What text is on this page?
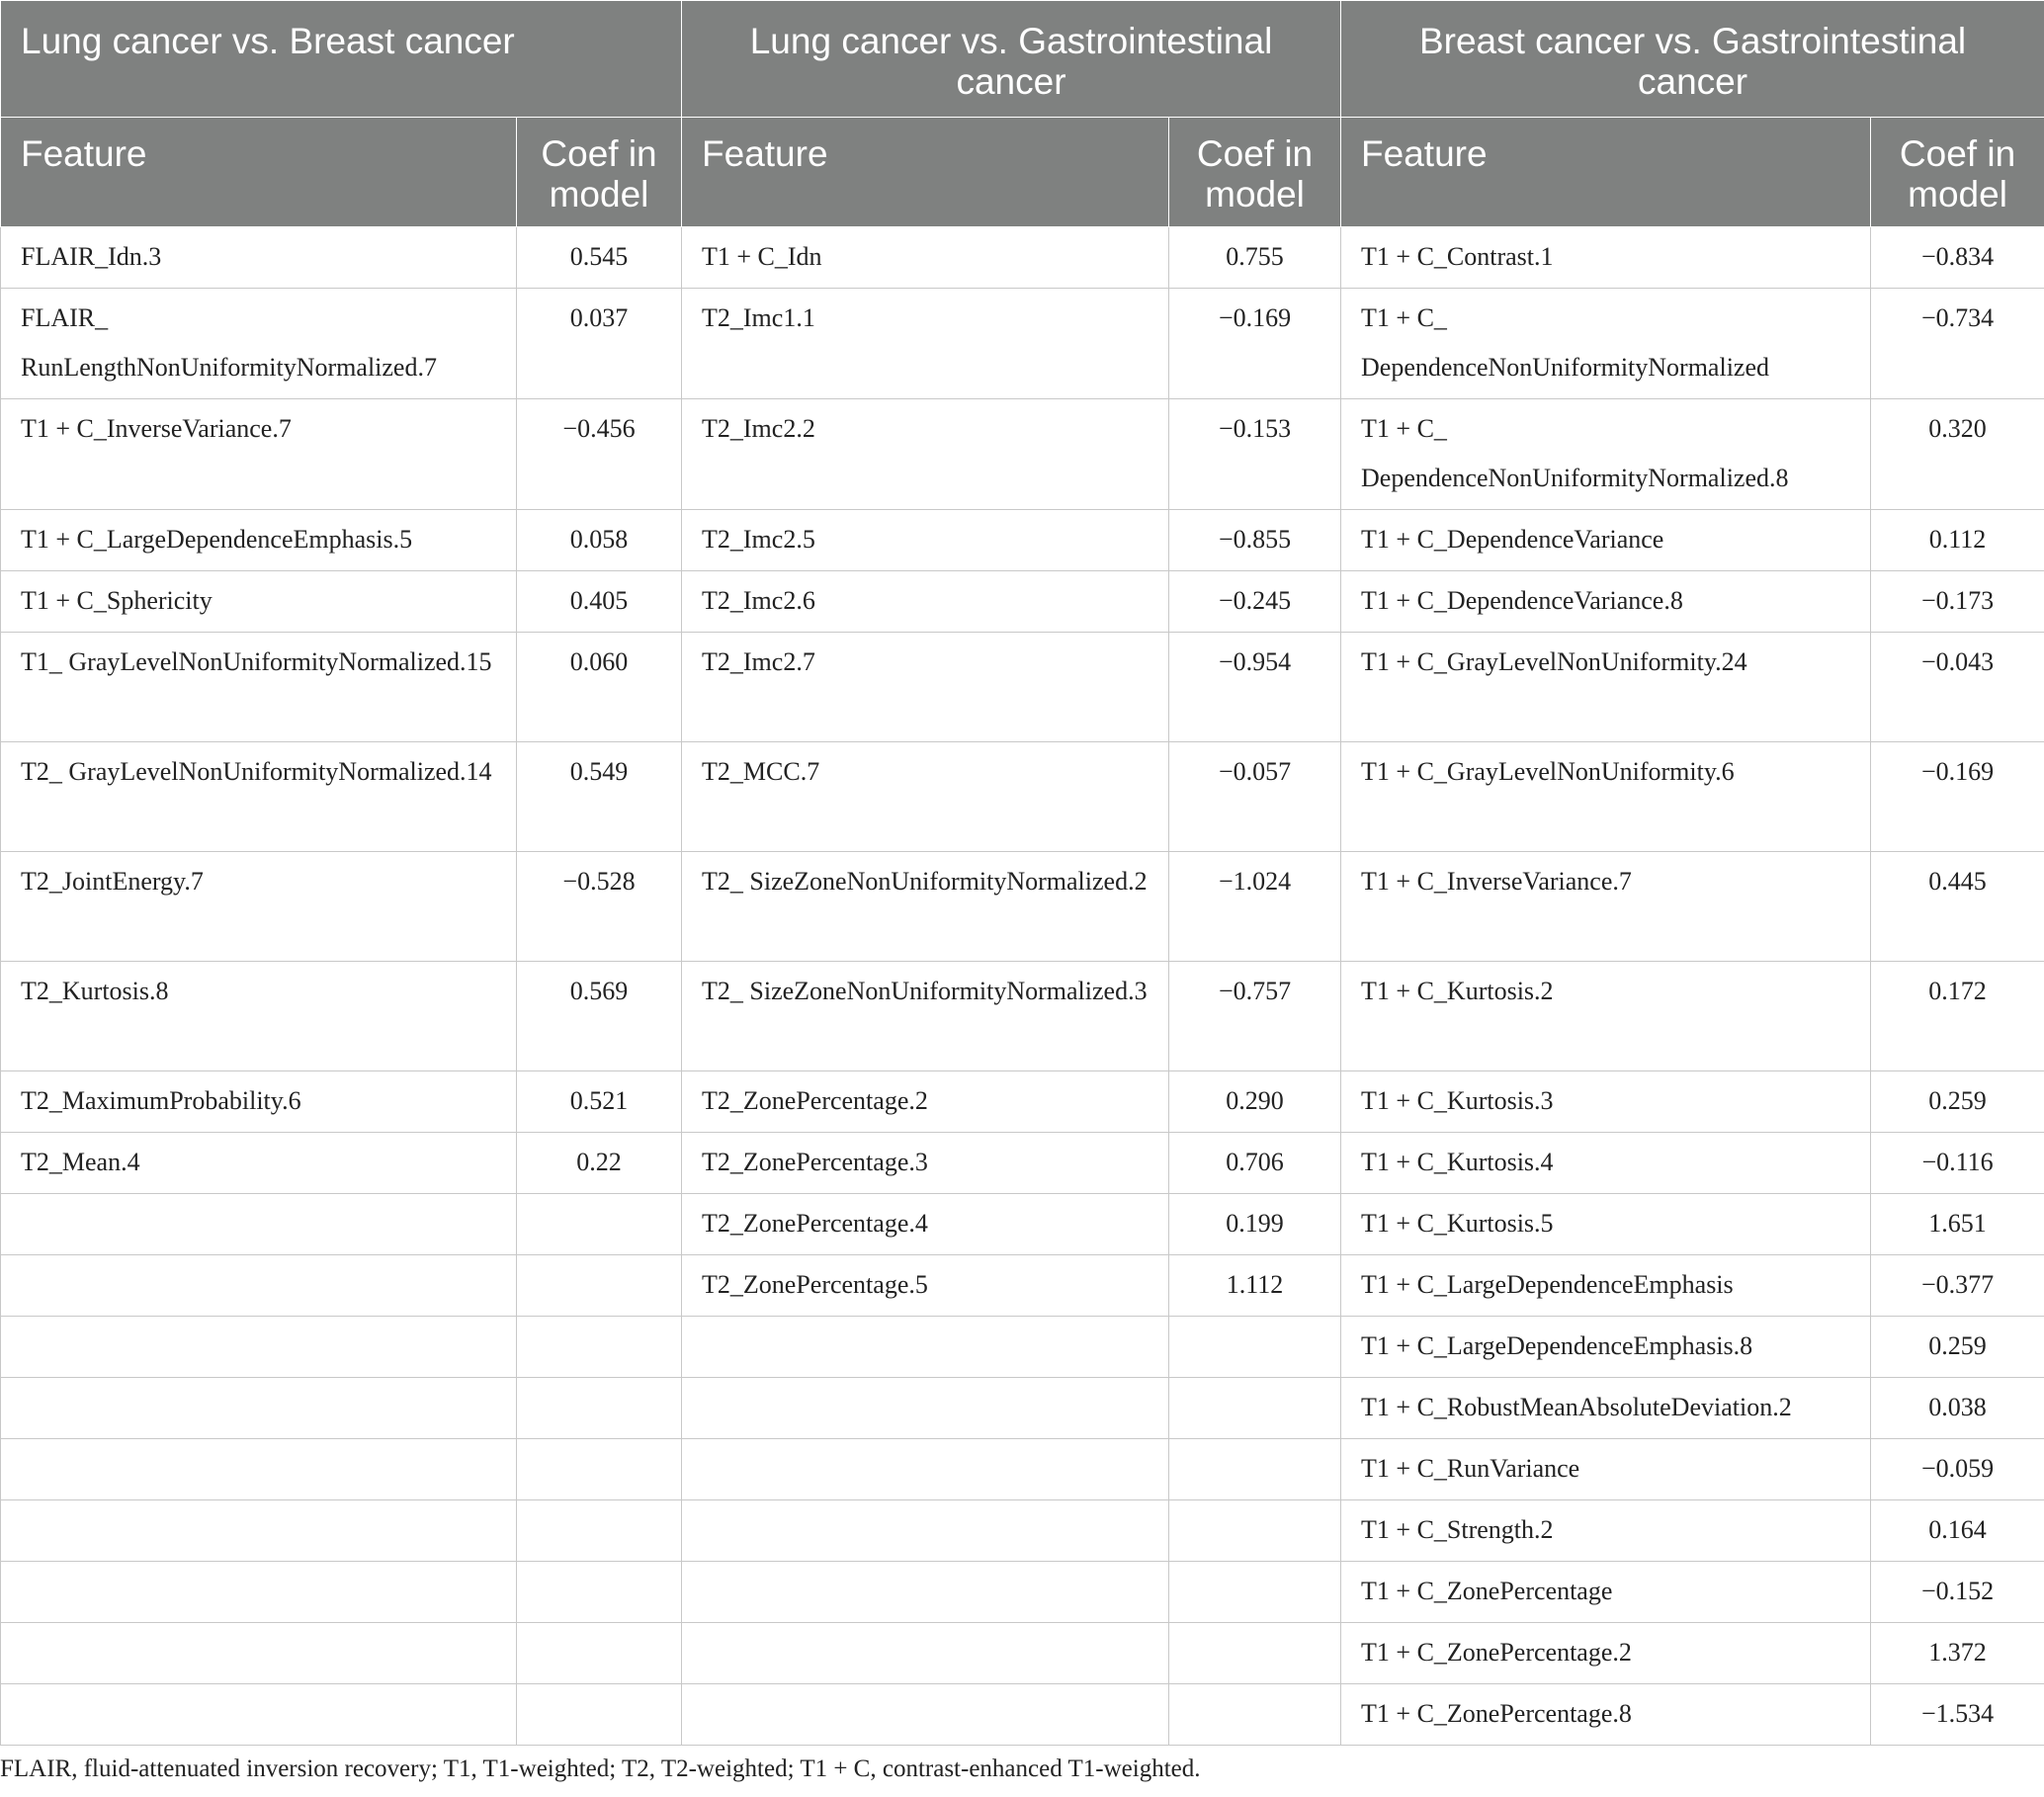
Lung cancer vs. Breast cancer		Lung cancer vs. Gastrointestinal cancer		Breast cancer vs. Gastrointestinal cancer	
Feature	Coef in model	Feature	Coef in model	Feature	Coef in model
FLAIR_Idn.3	0.545	T1 + C_Idn	0.755	T1 + C_Contrast.1	−0.834
FLAIR_ RunLengthNonUniformityNormalized.7	0.037	T2_Imc1.1	−0.169	T1 + C_ DependenceNonUniformityNormalized	−0.734
T1 + C_InverseVariance.7	−0.456	T2_Imc2.2	−0.153	T1 + C_ DependenceNonUniformityNormalized.8	0.320
T1 + C_LargeDependenceEmphasis.5	0.058	T2_Imc2.5	−0.855	T1 + C_DependenceVariance	0.112
T1 + C_Sphericity	0.405	T2_Imc2.6	−0.245	T1 + C_DependenceVariance.8	−0.173
T1_ GrayLevelNonUniformityNormalized.15	0.060	T2_Imc2.7	−0.954	T1 + C_GrayLevelNonUniformity.24	−0.043
T2_ GrayLevelNonUniformityNormalized.14	0.549	T2_MCC.7	−0.057	T1 + C_GrayLevelNonUniformity.6	−0.169
T2_JointEnergy.7	−0.528	T2_ SizeZoneNonUniformityNormalized.2	−1.024	T1 + C_InverseVariance.7	0.445
T2_Kurtosis.8	0.569	T2_ SizeZoneNonUniformityNormalized.3	−0.757	T1 + C_Kurtosis.2	0.172
T2_MaximumProbability.6	0.521	T2_ZonePercentage.2	0.290	T1 + C_Kurtosis.3	0.259
T2_Mean.4	0.22	T2_ZonePercentage.3	0.706	T1 + C_Kurtosis.4	−0.116
		T2_ZonePercentage.4	0.199	T1 + C_Kurtosis.5	1.651
		T2_ZonePercentage.5	1.112	T1 + C_LargeDependenceEmphasis	−0.377
				T1 + C_LargeDependenceEmphasis.8	0.259
				T1 + C_RobustMeanAbsoluteDeviation.2	0.038
				T1 + C_RunVariance	−0.059
				T1 + C_Strength.2	0.164
				T1 + C_ZonePercentage	−0.152
				T1 + C_ZonePercentage.2	1.372
				T1 + C_ZonePercentage.8	−1.534
FLAIR, fluid-attenuated inversion recovery; T1, T1-weighted; T2, T2-weighted; T1 + C, contrast-enhanced T1-weighted.
